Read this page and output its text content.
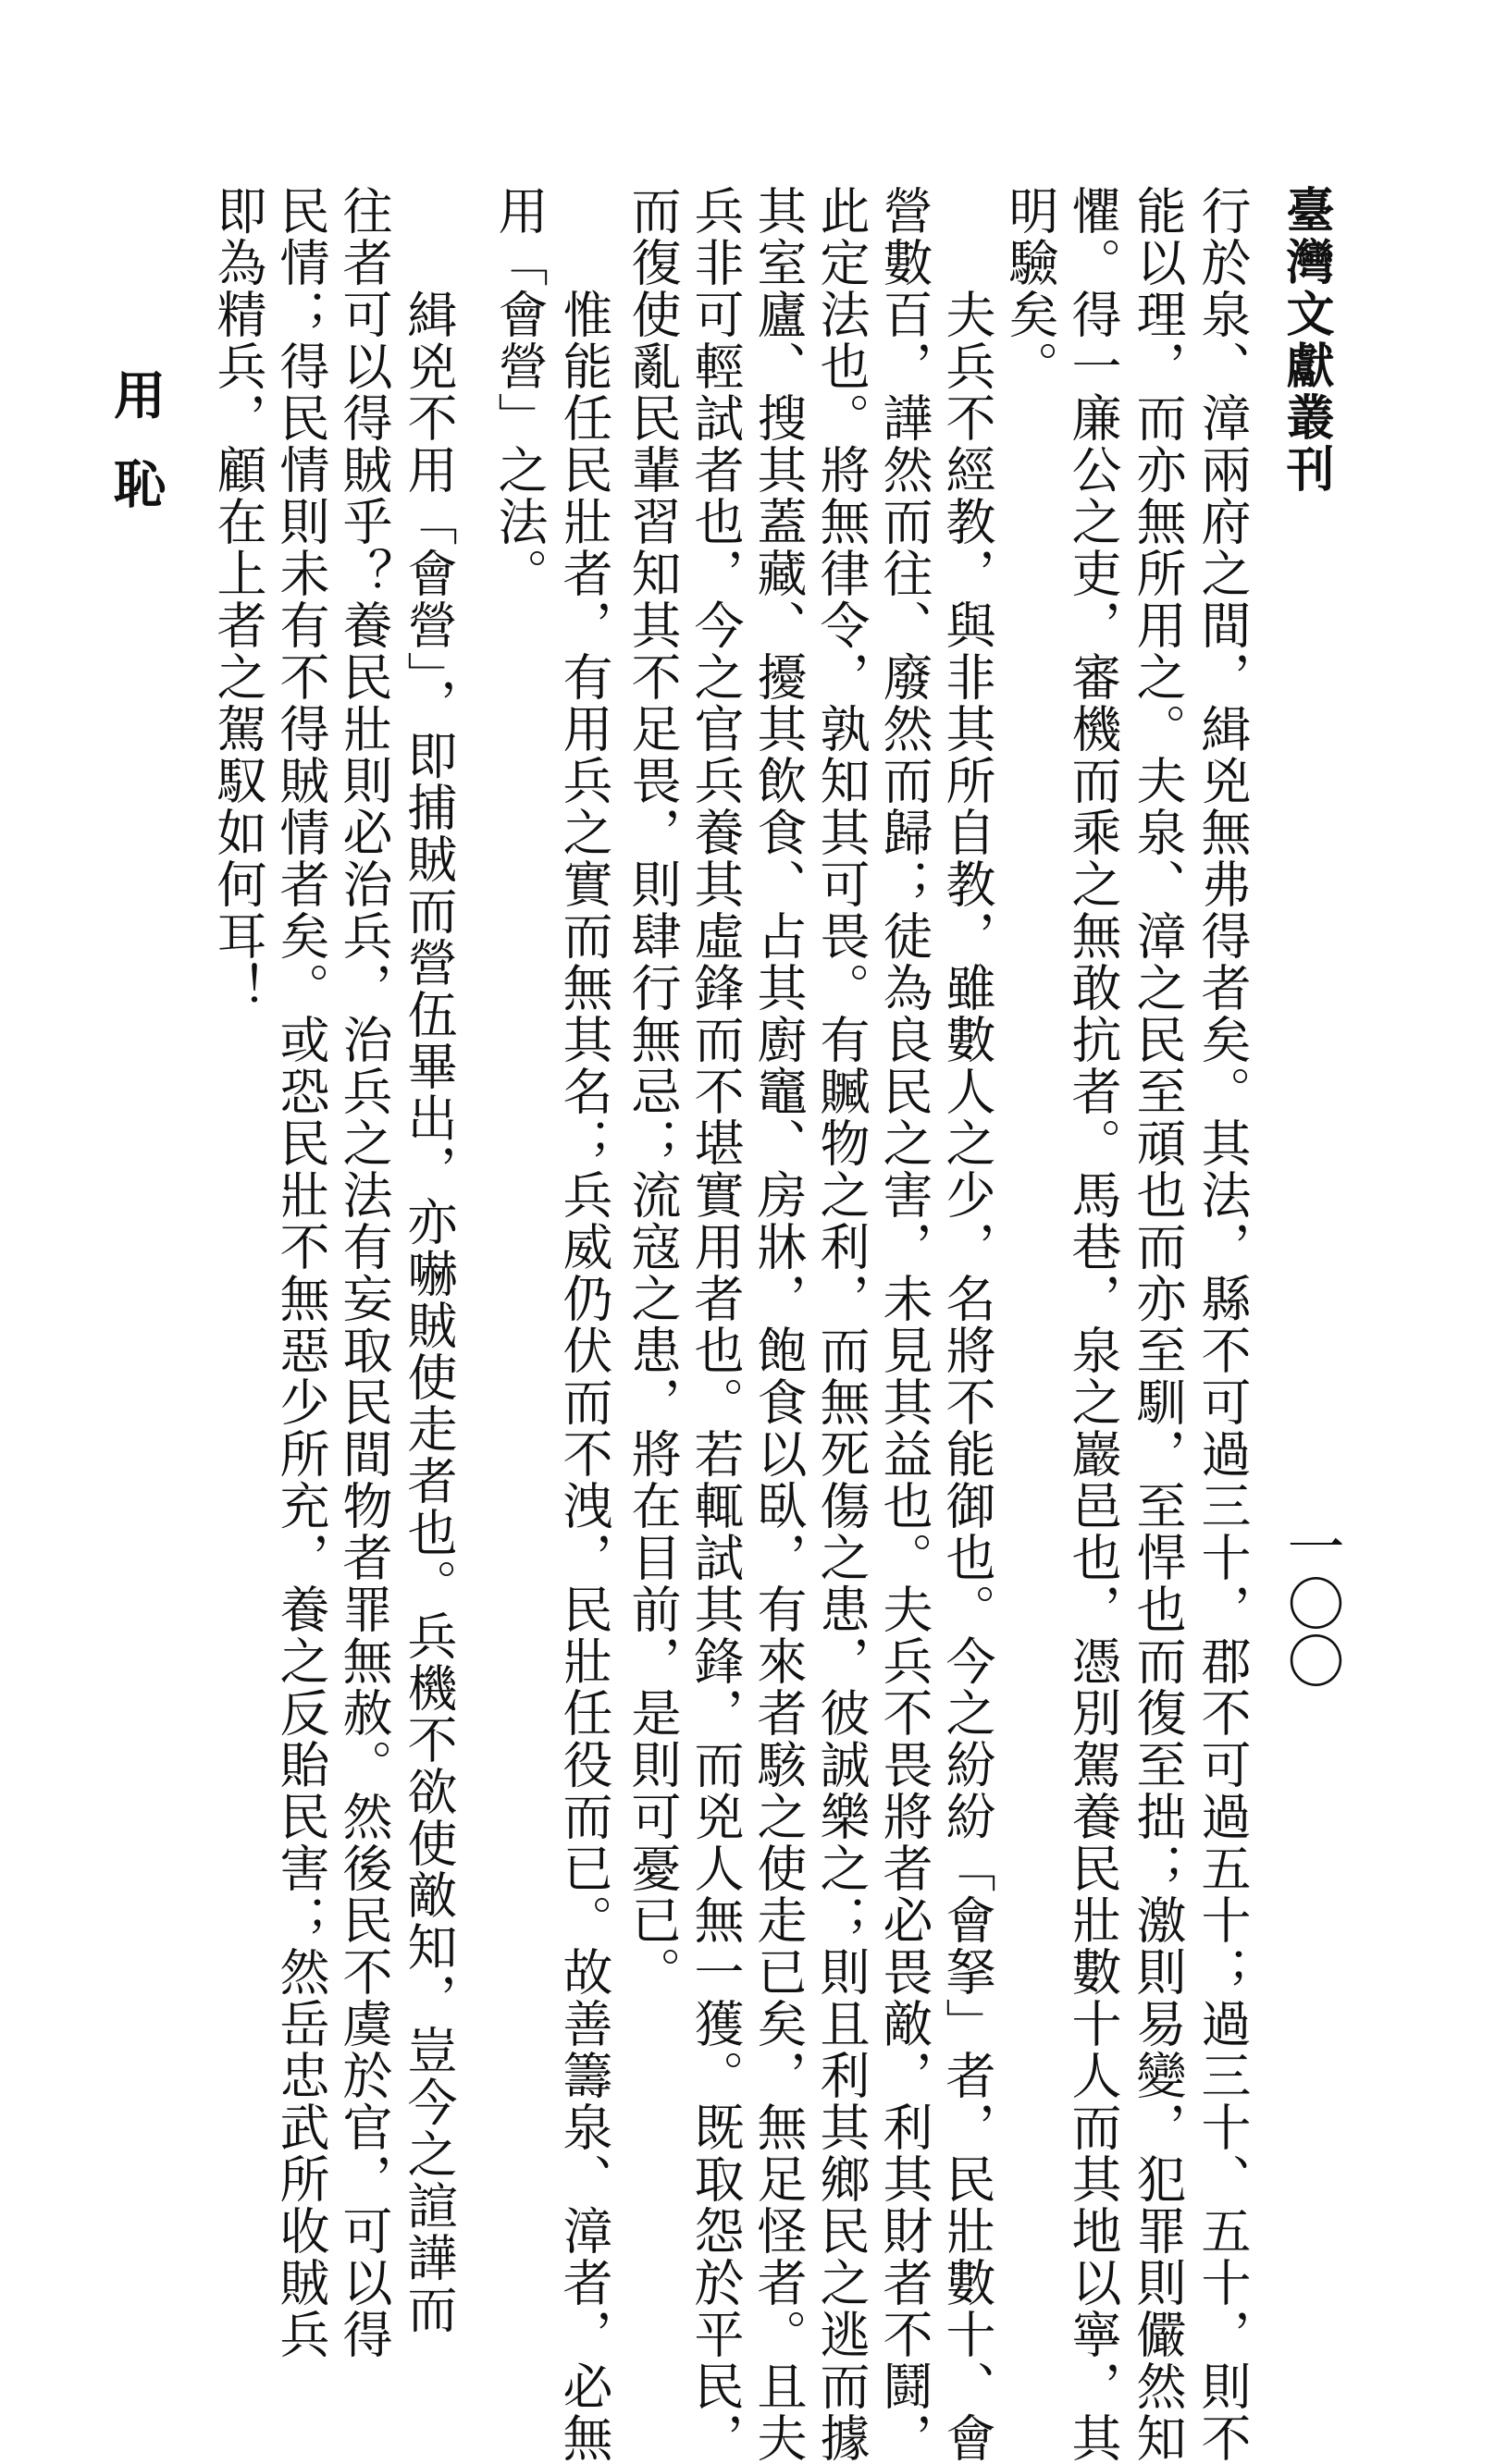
臺灣文獻叢刊
一〇〇
行於泉、漳兩府之間，緝兇無弗得者矣。其法，縣不可過三十，郡不可過五十；過三十、五十，則不
能以理，而亦無所用之。夫泉、漳之民至頑也而亦至馴，至悍也而復至拙；激則易變，犯罪則儼然知
懼。得一廉公之吏，審機而乘之無敢抗者。馬巷，泉之巖邑也，憑別駕養民壯數十人而其地以寧，其
明驗矣。
　　夫兵不經教，與非其所自教，雖數人之少，名將不能御也。今之紛紛「會拏」者，民壯數十、會
營數百，譁然而往、廢然而歸；徒為良民之害，未見其益也。夫兵不畏將者必畏敵，利其財者不鬪，
此定法也。將無律令，孰知其可畏。有贓物之利，而無死傷之患，彼誠樂之；則且利其鄉民之逃而據
其室廬、搜其蓋藏、擾其飲食、占其廚竈、房牀，飽食以臥，有來者駭之使走已矣，無足怪者。且夫
兵非可輕試者也，今之官兵養其虛鋒而不堪實用者也。若輒試其鋒，而兇人無一獲。既取怨於平民，
而復使亂民輩習知其不足畏，則肆行無忌；流寇之患，將在目前，是則可憂已。
　　惟能任民壯者，有用兵之實而無其名；兵威仍伏而不洩，民壯任役而已。故善籌泉、漳者，必無
用「會營」之法。
　　緝兇不用「會營」，即捕賊而營伍畢出，亦嚇賊使走者也。兵機不欲使敵知，豈今之諠譁而
往者可以得賊乎？養民壯則必治兵，治兵之法有妄取民間物者罪無赦。然後民不虞於官，可以得
民情；得民情則未有不得賊情者矣。或恐民壯不無惡少所充，養之反貽民害；然岳忠武所收賊兵
即為精兵，顧在上者之駕馭如何耳！
用恥
